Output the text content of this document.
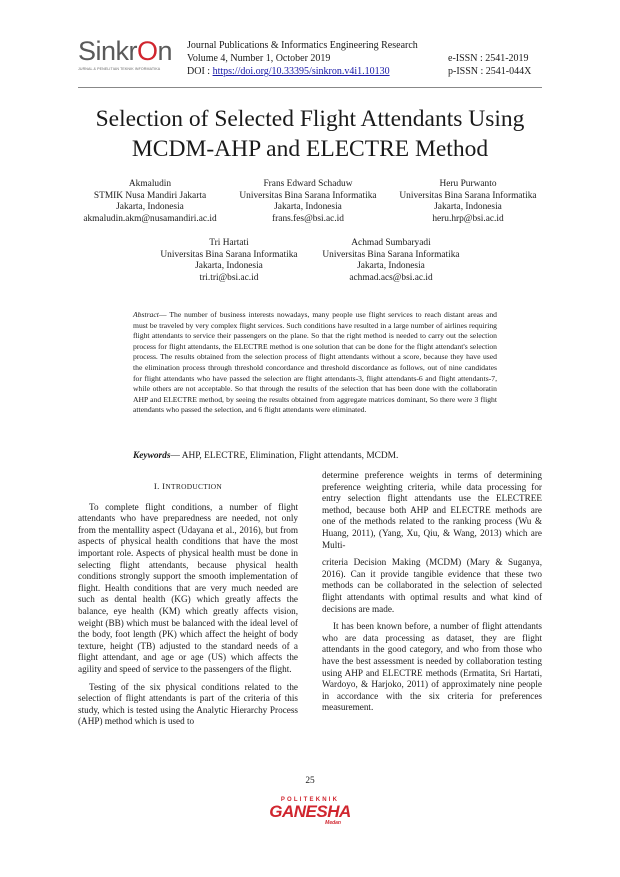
SinkrOn
JURNAL & PENELITIAN TEKNIK INFORMATIKA
Journal Publications & Informatics Engineering Research
Volume 4, Number 1, October 2019
DOI : https://doi.org/10.33395/sinkron.v4i1.10130
e-ISSN : 2541-2019
p-ISSN : 2541-044X
Selection of Selected Flight Attendants Using
MCDM-AHP and ELECTRE Method
Akmaludin
STMIK Nusa Mandiri Jakarta
Jakarta, Indonesia
akmaludin.akm@nusamandiri.ac.id
Frans Edward Schaduw
Universitas Bina Sarana Informatika
Jakarta, Indonesia
frans.fes@bsi.ac.id
Heru Purwanto
Universitas Bina Sarana Informatika
Jakarta, Indonesia
heru.hrp@bsi.ac.id
Tri Hartati
Universitas Bina Sarana Informatika
Jakarta, Indonesia
tri.tri@bsi.ac.id
Achmad Sumbaryadi
Universitas Bina Sarana Informatika
Jakarta, Indonesia
achmad.acs@bsi.ac.id
Abstract— The number of business interests nowadays, many people use flight services to reach distant areas and must be traveled by very complex flight services. Such conditions have resulted in a large number of airlines requiring flight attendants to service their passengers on the plane. So that the right method is needed to carry out the selection process for flight attendants, the ELECTRE method is one solution that can be done for the flight attendant's selection process. The results obtained from the selection process of flight attendants without a score, because they have used the elimination process through threshold concordance and threshold discordance as follows, out of nine candidates for flight attendants who have passed the selection are flight attendants-3, flight attendants-6 and flight attendants-7, while others are not acceptable. So that through the results of the selection that has been done with the collaboratin AHP and ELECTRE method, by seeing the results obtained from aggregate matrices dominant, So there were 3 flight attendants who passed the selection, and 6 flight attendants were eliminated.
Keywords— AHP, ELECTRE, Elimination, Flight attendants, MCDM.
I. INTRODUCTION

To complete flight conditions, a number of flight attendants who have preparedness are needed, not only from the mentallity aspect (Udayana et al., 2016), but from aspects of physical health conditions that have the most important role. Aspects of physical health must be done in selecting flight attendants, because physical health conditions strongly support the smooth implementation of flight. Health conditions that are very much needed are such as dental health (KG) which greatly affects the balance, eye health (KM) which greatly affects vision, weight (BB) which must be balanced with the ideal level of the body, foot length (PK) which affect the height of body texture, height (TB) adjusted to the standard needs of a flight attendant, and age or age (US) which affects the agility and speed of service to the passengers of the flight.

Testing of the six physical conditions related to the selection of flight attendants is part of the criteria of this study, which is tested using the Analytic Hierarchy Process (AHP) method which is used to

determine preference weights in terms of determining preference weighting criteria, while data processing for entry selection flight attendants use the ELECTREE method, because both AHP and ELECTRE methods are one of the methods related to the ranking process (Wu & Huang, 2011), (Yang, Xu, Qiu, & Wang, 2013) which are Multi-

criteria Decision Making (MCDM) (Mary & Suganya, 2016). Can it provide tangible evidence that these two methods can be collaborated in the selection of selected flight attendants with optimal results and what kind of decisions are made.

It has been known before, a number of flight attendants who are data processing as dataset, they are flight attendants in the good category, and who from those who have the best assessment is needed by collaboration testing using AHP and ELECTRE methods (Ermatita, Sri Hartati, Wardoyo, & Harjoko, 2011) of approximately nine people in accordance with the six criteria for preferences measurement.

25
POLITEKNIK
GANESHA
Medan
